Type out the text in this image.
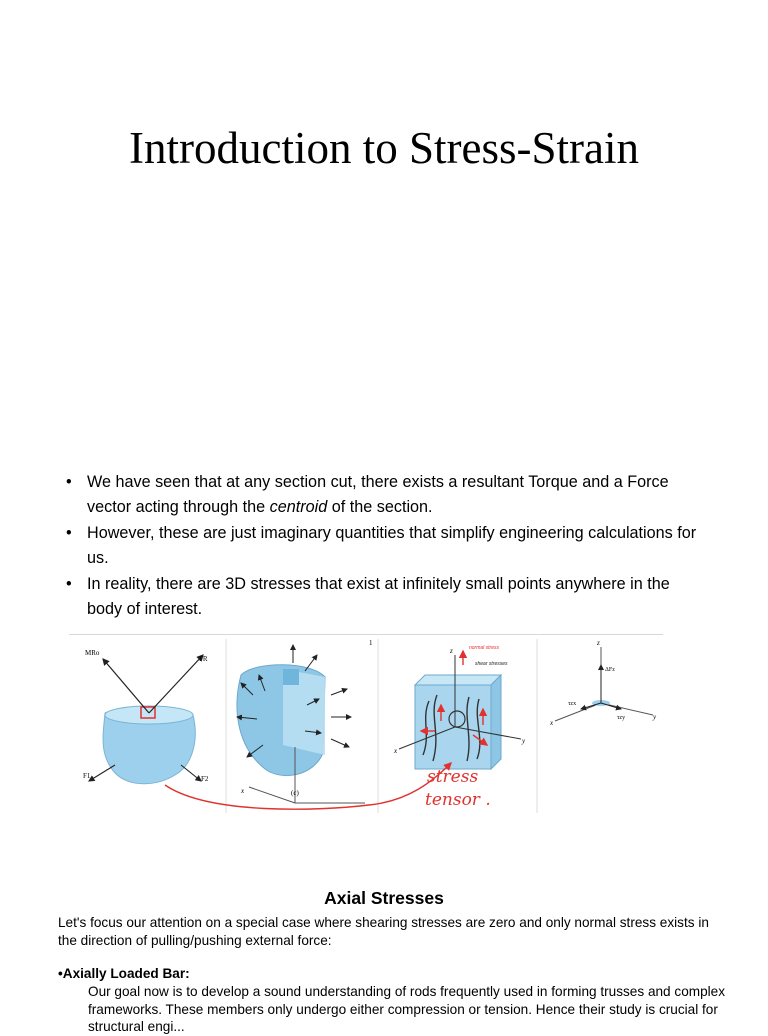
Introduction to Stress-Strain
• We have seen that at any section cut, there exists a resultant Torque and a Force vector acting through the centroid of the section.
• However, these are just imaginary quantities that simplify engineering calculations for us.
• In reality, there are 3D stresses that exist at infinitely small points anywhere in the body of interest.
MRo
FR
F1	F2
1
(c)
x
z
x
y
normal stress
shear stresses
stress
tensor .
z
x
y
ΔFz
τzx
τzy
Axial Stresses
Let's focus our attention on a special case where shearing stresses are zero and only normal stress exists in the direction of pulling/pushing external force:
•Axially Loaded Bar:
Our goal now is to develop a sound understanding of rods frequently used in forming trusses and complex frameworks. These members only undergo either compression or tension. Hence their study is crucial for structural engi...
